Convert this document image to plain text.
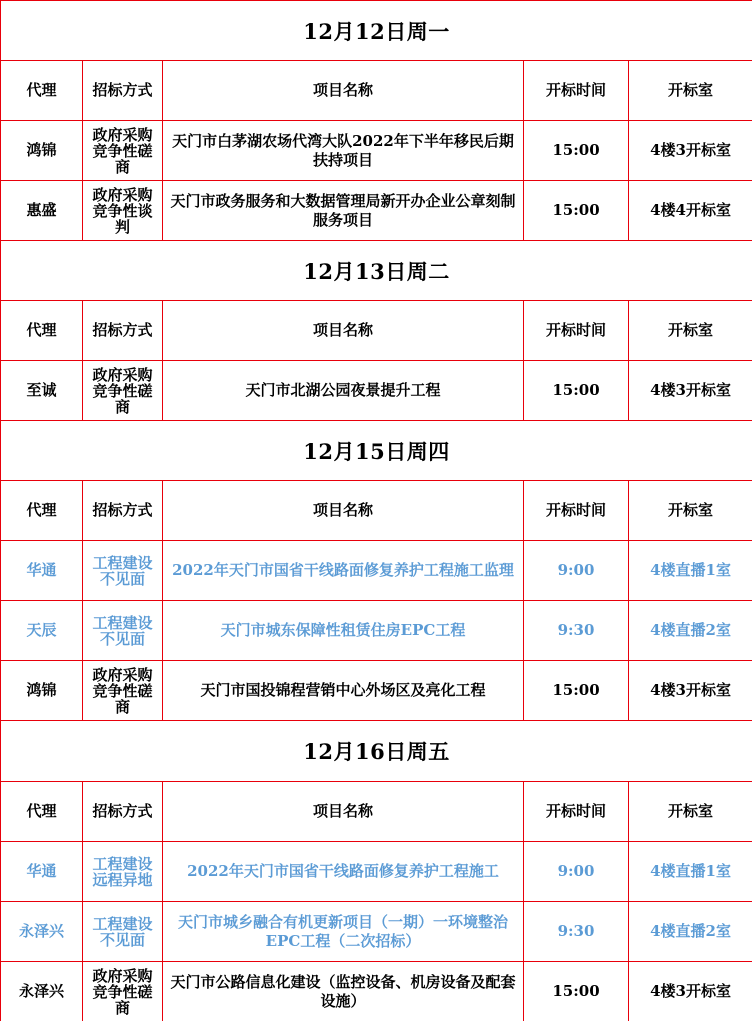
12月12日周一				
代理	招标方式	项目名称	开标时间	开标室
鸿锦	政府采购竞争性磋商	天门市白茅湖农场代湾大队2022年下半年移民后期扶持项目	15:00	4楼3开标室
惠盛	政府采购竞争性谈判	天门市政务服务和大数据管理局新开办企业公章刻制服务项目	15:00	4楼4开标室
12月13日周二				
代理	招标方式	项目名称	开标时间	开标室
至诚	政府采购竞争性磋商	天门市北湖公园夜景提升工程	15:00	4楼3开标室
12月15日周四				
代理	招标方式	项目名称	开标时间	开标室
华通	工程建设不见面	2022年天门市国省干线路面修复养护工程施工监理	9:00	4楼直播1室
天辰	工程建设不见面	天门市城东保障性租赁住房EPC工程	9:30	4楼直播2室
鸿锦	政府采购竞争性磋商	天门市国投锦程营销中心外场区及亮化工程	15:00	4楼3开标室
12月16日周五				
代理	招标方式	项目名称	开标时间	开标室
华通	工程建设远程异地	2022年天门市国省干线路面修复养护工程施工	9:00	4楼直播1室
永泽兴	工程建设不见面	天门市城乡融合有机更新项目（一期）一环境整治EPC工程（二次招标）	9:30	4楼直播2室
永泽兴	政府采购竞争性磋商	天门市公路信息化建设（监控设备、机房设备及配套设施）	15:00	4楼3开标室
